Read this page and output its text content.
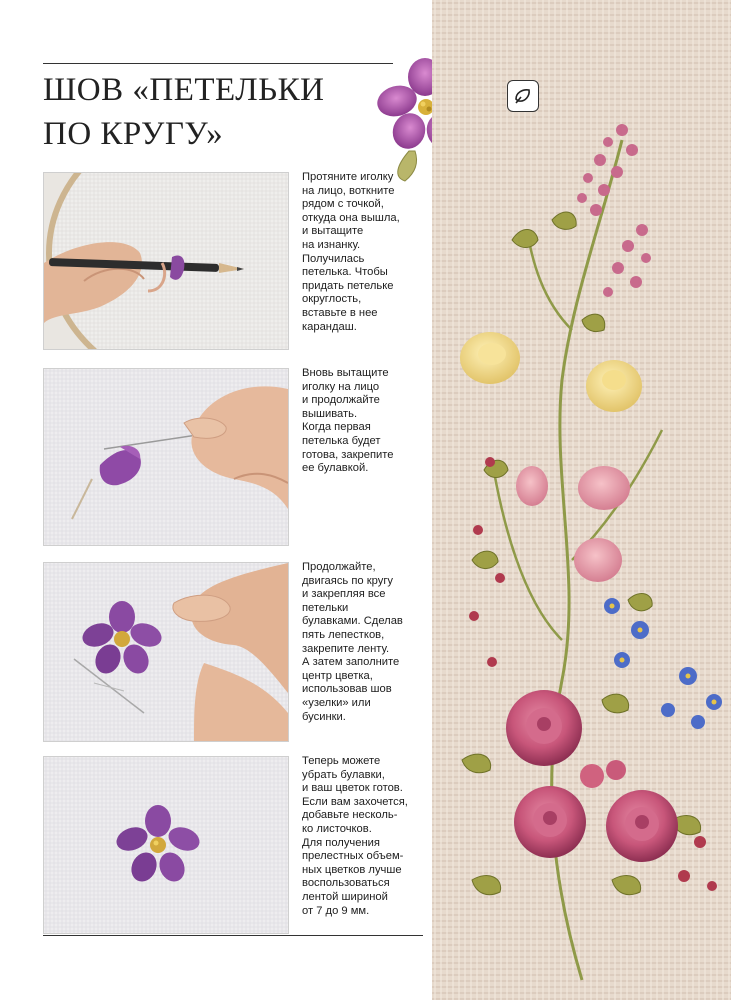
ШОВ «ПЕТЕЛЬКИ
ПО КРУГУ»
Протяните иголку
на лицо, воткните
рядом с точкой,
откуда она вышла,
и вытащите
на изнанку.
Получилась
петелька. Чтобы
придать петельке
округлость,
вставьте в нее
карандаш.
Вновь вытащите
иголку на лицо
и продолжайте
вышивать.
Когда первая
петелька будет
готова, закрепите
ее булавкой.
Продолжайте,
двигаясь по кругу
и закрепляя все
петельки
булавками. Сделав
пять лепестков,
закрепите ленту.
А затем заполните
центр цветка,
использовав шов
«узелки» или
бусинки.
Теперь можете
убрать булавки,
и ваш цветок готов.
Если вам захочется,
добавьте несколь-
ко листочков.
Для получения
прелестных объем-
ных цветков лучше
воспользоваться
лентой шириной
от 7 до 9 мм.
